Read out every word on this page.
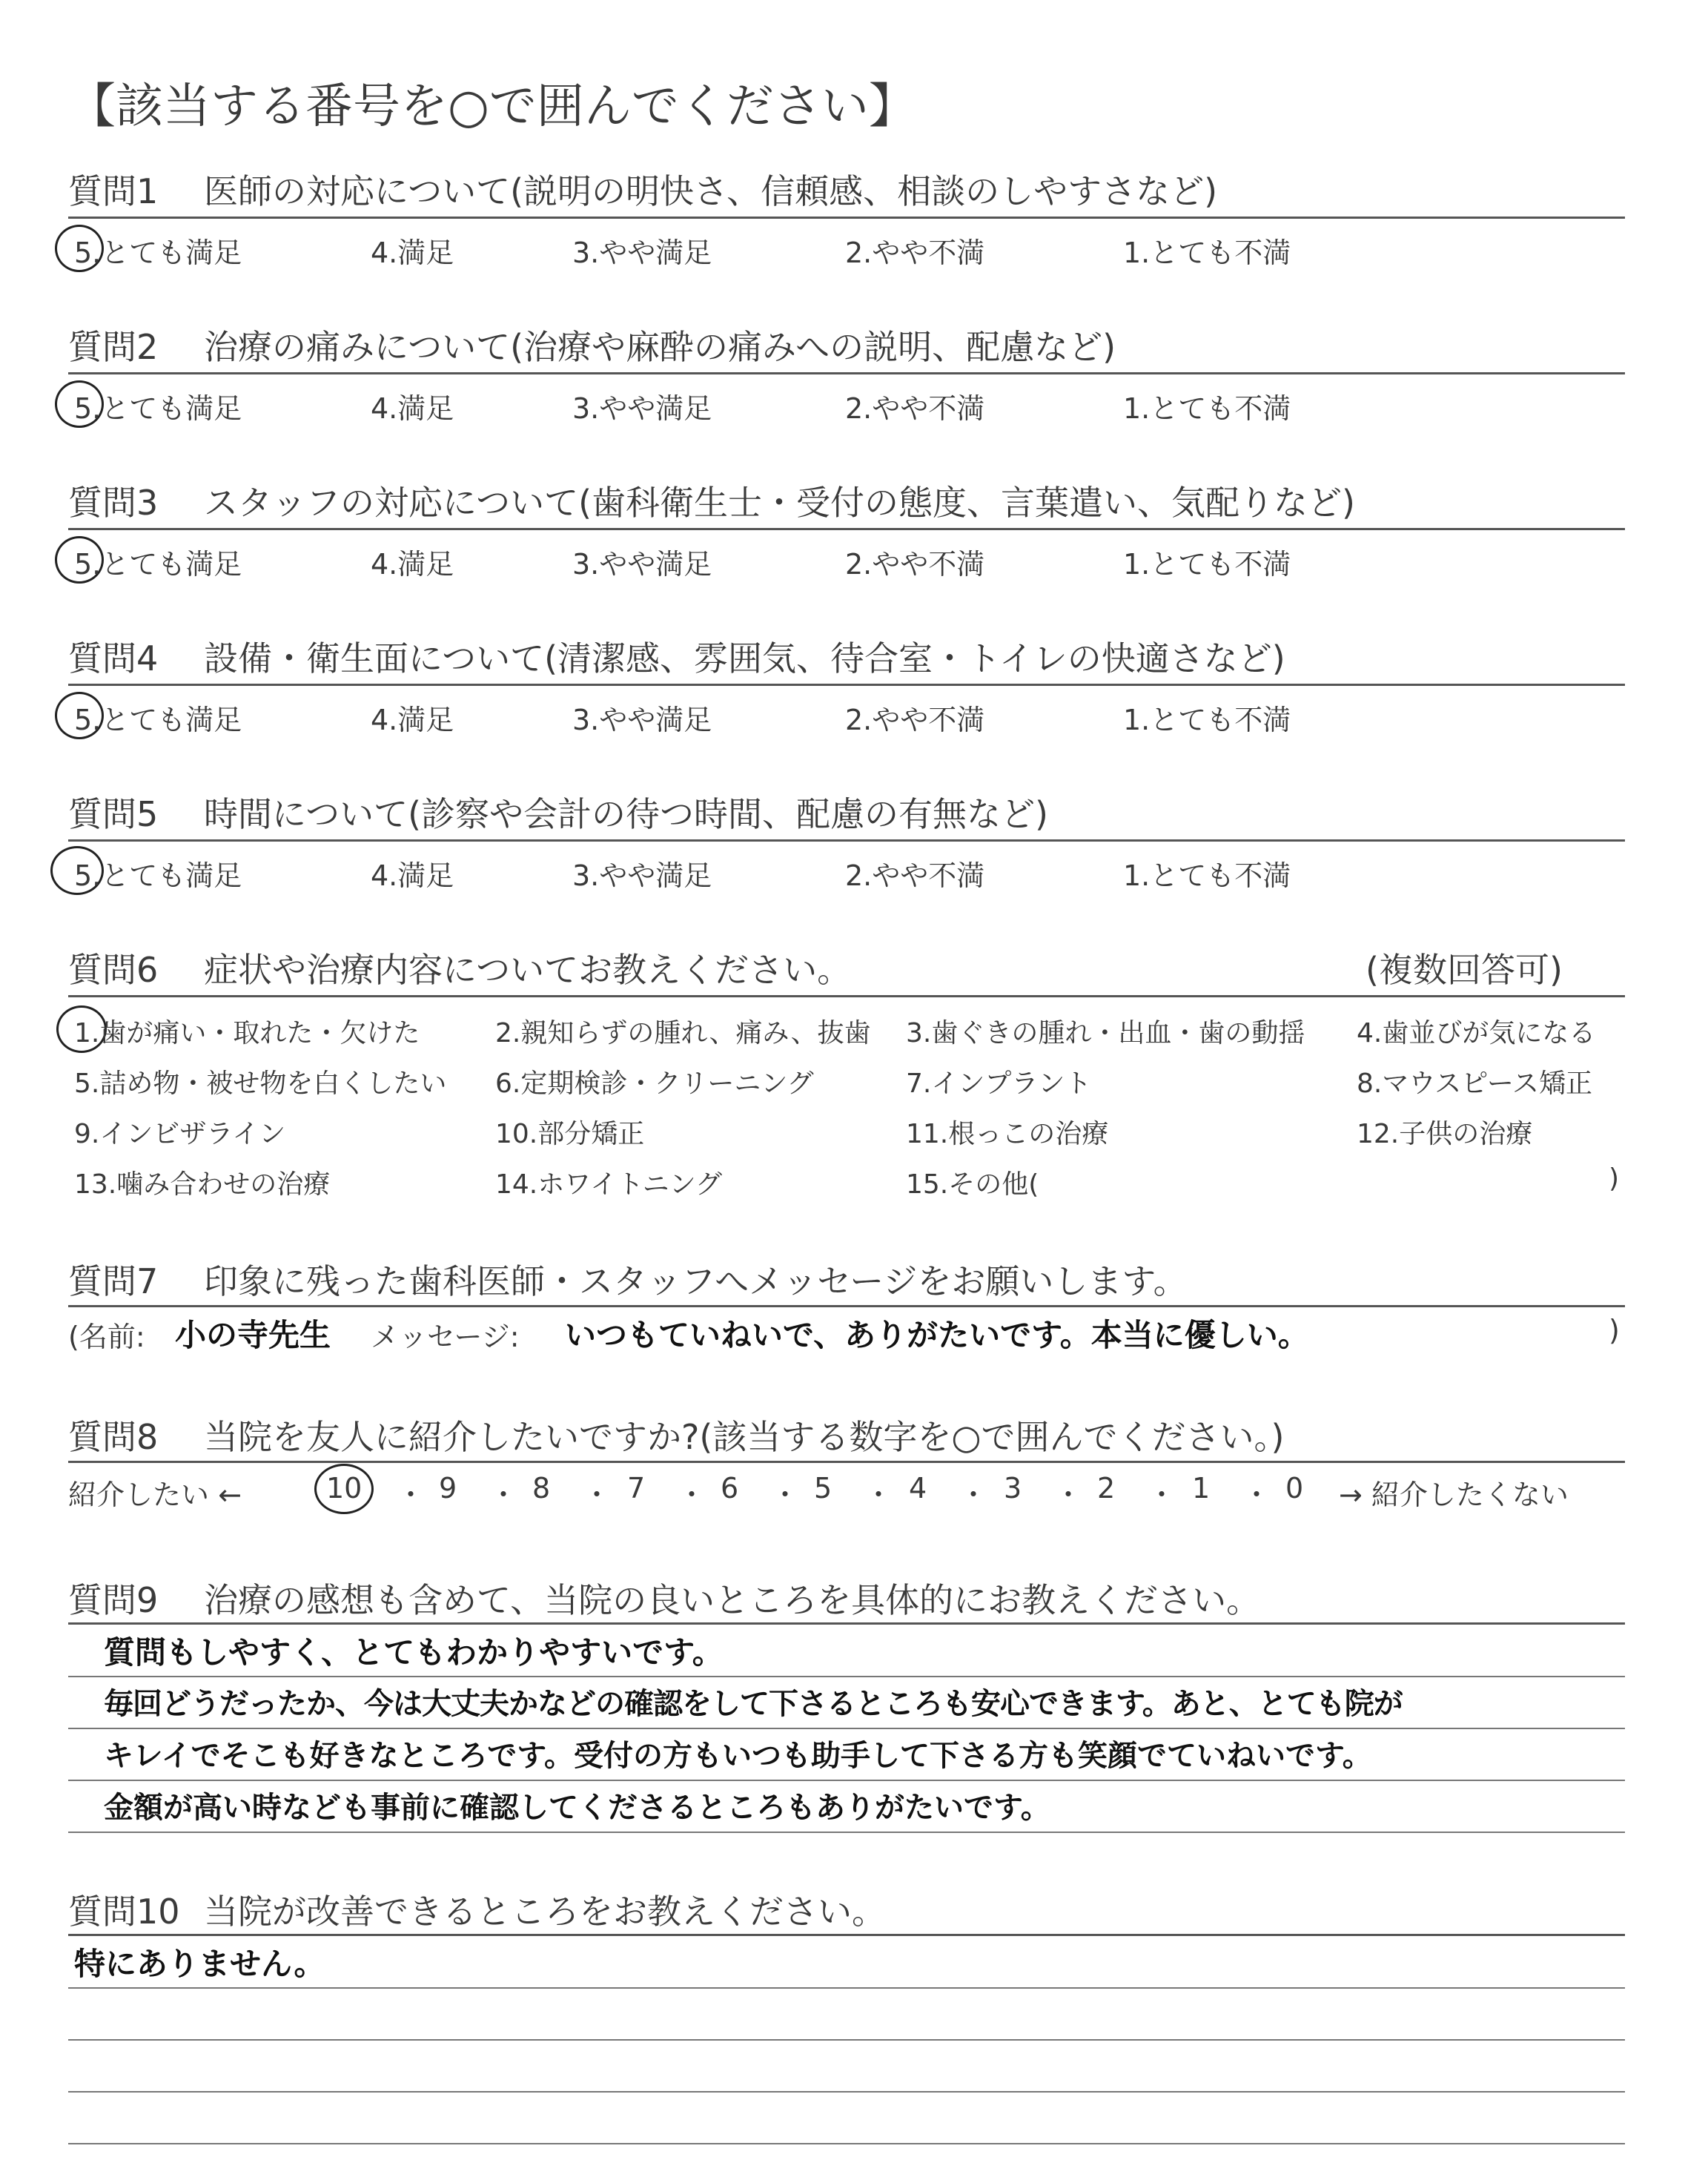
【該当する番号を○で囲んでください】
質問1 医師の対応について(説明の明快さ、信頼感、相談のしやすさなど)
5.とても満足	4.満足	3.やや満足	2.やや不満	1.とても不満
質問2 治療の痛みについて(治療や麻酔の痛みへの説明、配慮など)
5.とても満足	4.満足	3.やや満足	2.やや不満	1.とても不満
質問3 スタッフの対応について(歯科衛生士・受付の態度、言葉遣い、気配りなど)
5.とても満足	4.満足	3.やや満足	2.やや不満	1.とても不満
質問4 設備・衛生面について(清潔感、雰囲気、待合室・トイレの快適さなど)
5.とても満足	4.満足	3.やや満足	2.やや不満	1.とても不満
質問5 時間について(診察や会計の待つ時間、配慮の有無など)
5.とても満足	4.満足	3.やや満足	2.やや不満	1.とても不満
質問6 症状や治療内容についてお教えください。	(複数回答可)
1.歯が痛い・取れた・欠けた	2.親知らずの腫れ、痛み、抜歯 3.歯ぐきの腫れ・出血・歯の動揺 4.歯並びが気になる
5.詰め物・被せ物を白くしたい 6.定期検診・クリーニング	7.インプラント	8.マウスピース矯正
9.インビザライン	10.部分矯正	11.根っこの治療	12.子供の治療
13.噛み合わせの治療	14.ホワイトニング	15.その他(	)
質問7 印象に残った歯科医師・スタッフへメッセージをお願いします。
(名前: 小の寺先生 メッセージ: いつもていねいで、ありがたいです。本当に優しい。	)
質問8 当院を友人に紹介したいですか?(該当する数字を○で囲んでください。)
紹介したい ←	10 ・ 9 ・ 8 ・ 7 ・ 6 ・ 5 ・ 4 ・ 3 ・ 2 ・ 1 ・ 0 → 紹介したくない
質問9 治療の感想も含めて、当院の良いところを具体的にお教えください。
質問もしやすく、とてもわかりやすいです。
毎回どうだったか、今は大丈夫かなどの確認をして下さるところも安心できます。あと、とても院が
キレイでそこも好きなところです。受付の方もいつも助手して下さる方も笑顔でていねいです。
金額が高い時なども事前に確認してくださるところもありがたいです。
質問10 当院が改善できるところをお教えください。
特にありません。
